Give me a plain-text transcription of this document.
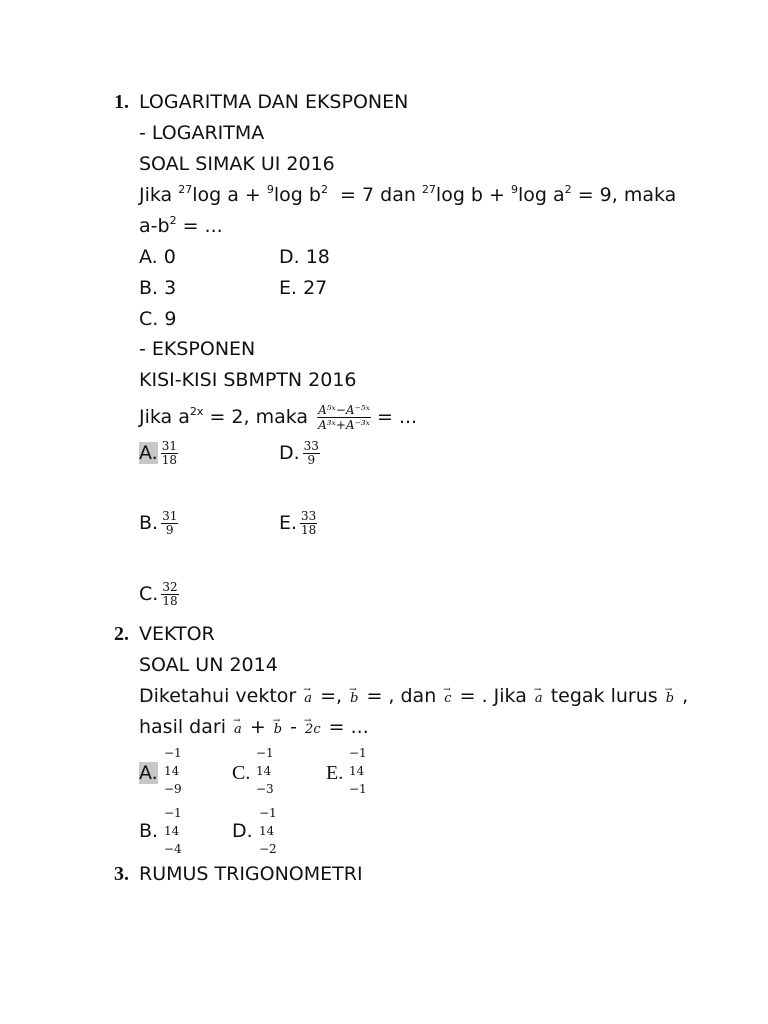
1. LOGARITMA DAN EKSPONEN
- LOGARITMA
SOAL SIMAK UI 2016
Jika $^{27}$log a + $^9$log $b^2 = 7$ dan $^{27}$log b + $^9$log $a^2 = 9$, maka
$a-b^2$ = ...
A. 0	D. 18
B. 3	E. 27
C. 9
- EKSPONEN
KISI-KISI SBMPTN 2016
Jika $a^{2x} = 2$, maka $\frac{\text{A⁵ˣ−A⁻⁵ˣ}}{\text{A³ˣ+A⁻³ˣ}}$ = ...
A. $\frac{31}{18}$	D. $\frac{33}{9}$
B. $\frac{31}{9}$	E. $\frac{33}{18}$
C. $\frac{32}{18}$
2. VEKTOR
SOAL UN 2014
Diketahui vektor → a =, → b = , dan → c = . Jika → a tegak lurus → b ,
hasil dari → a + → b - → 2c = ...
A.
−1
14
−9
C.
−1
14
−3
E.
−1
14
−1
B.
−1
14
−4
D.
−1
14
−2
3. RUMUS TRIGONOMETRI
